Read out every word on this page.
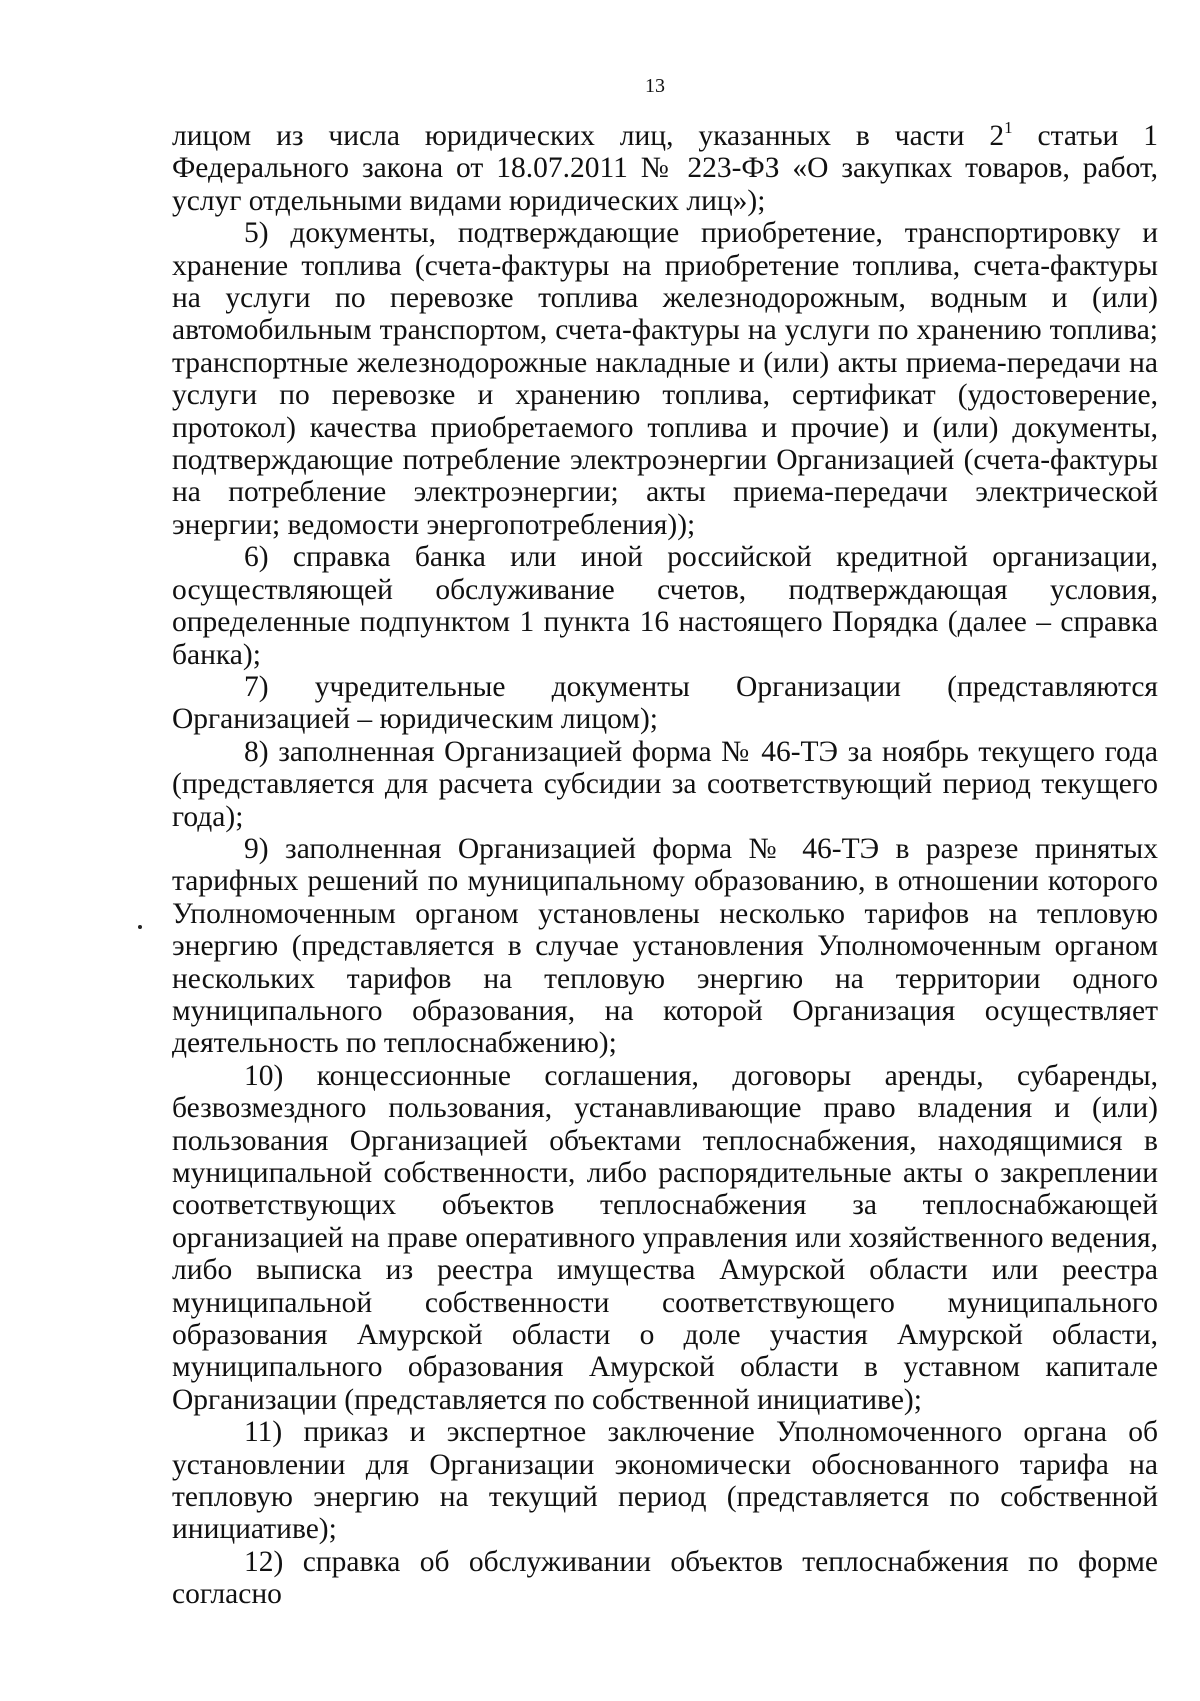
13

лицом из числа юридических лиц, указанных в части $2^1$ статьи 1 Федерального закона от 18.07.2011 № 223-ФЗ «О закупках товаров, работ, услуг отдельными видами юридических лиц»);

5) документы, подтверждающие приобретение, транспортировку и хранение топлива (счета-фактуры на приобретение топлива, счета-фактуры на услуги по перевозке топлива железнодорожным, водным и (или) автомобильным транспортом, счета-фактуры на услуги по хранению топлива; транспортные железнодорожные накладные и (или) акты приема-передачи на услуги по перевозке и хранению топлива, сертификат (удостоверение, протокол) качества приобретаемого топлива и прочие) и (или) документы, подтверждающие потребление электроэнергии Организацией (счета-фактуры на потребление электроэнергии; акты приема-передачи электрической энергии; ведомости энергопотребления));

6) справка банка или иной российской кредитной организации, осуществляющей обслуживание счетов, подтверждающая условия, определенные подпунктом 1 пункта 16 настоящего Порядка (далее – справка банка);

7) учредительные документы Организации (представляются Организацией – юридическим лицом);

8) заполненная Организацией форма № 46-ТЭ за ноябрь текущего года (представляется для расчета субсидии за соответствующий период текущего года);

9) заполненная Организацией форма № 46-ТЭ в разрезе принятых тарифных решений по муниципальному образованию, в отношении которого Уполномоченным органом установлены несколько тарифов на тепловую энергию (представляется в случае установления Уполномоченным органом нескольких тарифов на тепловую энергию на территории одного муниципального образования, на которой Организация осуществляет деятельность по теплоснабжению);

10) концессионные соглашения, договоры аренды, субаренды, безвозмездного пользования, устанавливающие право владения и (или) пользования Организацией объектами теплоснабжения, находящимися в муниципальной собственности, либо распорядительные акты о закреплении соответствующих объектов теплоснабжения за теплоснабжающей организацией на праве оперативного управления или хозяйственного ведения, либо выписка из реестра имущества Амурской области или реестра муниципальной собственности соответствующего муниципального образования Амурской области о доле участия Амурской области, муниципального образования Амурской области в уставном капитале Организации (представляется по собственной инициативе);

11) приказ и экспертное заключение Уполномоченного органа об установлении для Организации экономически обоснованного тарифа на тепловую энергию на текущий период (представляется по собственной инициативе);

12) справка об обслуживании объектов теплоснабжения по форме согласно
